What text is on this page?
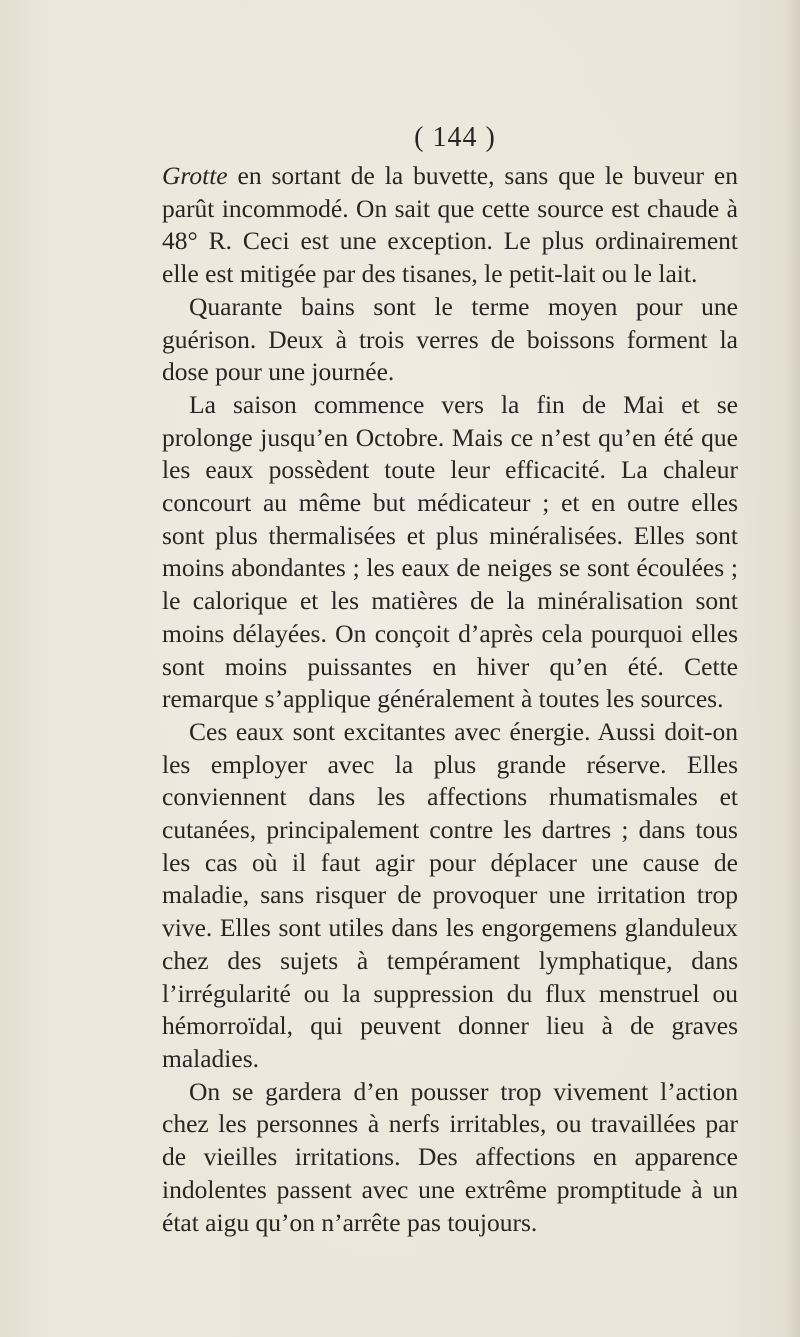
( 144 )

Grotte en sortant de la buvette, sans que le buveur en parût incommodé. On sait que cette source est chaude à 48° R. Ceci est une exception. Le plus ordinairement elle est mitigée par des tisanes, le petit-lait ou le lait.

Quarante bains sont le terme moyen pour une guérison. Deux à trois verres de boissons forment la dose pour une journée.

La saison commence vers la fin de Mai et se prolonge jusqu’en Octobre. Mais ce n’est qu’en été que les eaux possèdent toute leur efficacité. La chaleur concourt au même but médicateur ; et en outre elles sont plus thermalisées et plus minéralisées. Elles sont moins abondantes ; les eaux de neiges se sont écoulées ; le calorique et les matières de la minéralisation sont moins délayées. On conçoit d’après cela pourquoi elles sont moins puissantes en hiver qu’en été. Cette remarque s’applique généralement à toutes les sources.

Ces eaux sont excitantes avec énergie. Aussi doit-on les employer avec la plus grande réserve. Elles conviennent dans les affections rhumatismales et cutanées, principalement contre les dartres ; dans tous les cas où il faut agir pour déplacer une cause de maladie, sans risquer de provoquer une irritation trop vive. Elles sont utiles dans les engorgemens glanduleux chez des sujets à tempérament lymphatique, dans l’irrégularité ou la suppression du flux menstruel ou hémorroïdal, qui peuvent donner lieu à de graves maladies.

On se gardera d’en pousser trop vivement l’action chez les personnes à nerfs irritables, ou travaillées par de vieilles irritations. Des affections en apparence indolentes passent avec une extrême promptitude à un état aigu qu’on n’arrête pas toujours.
